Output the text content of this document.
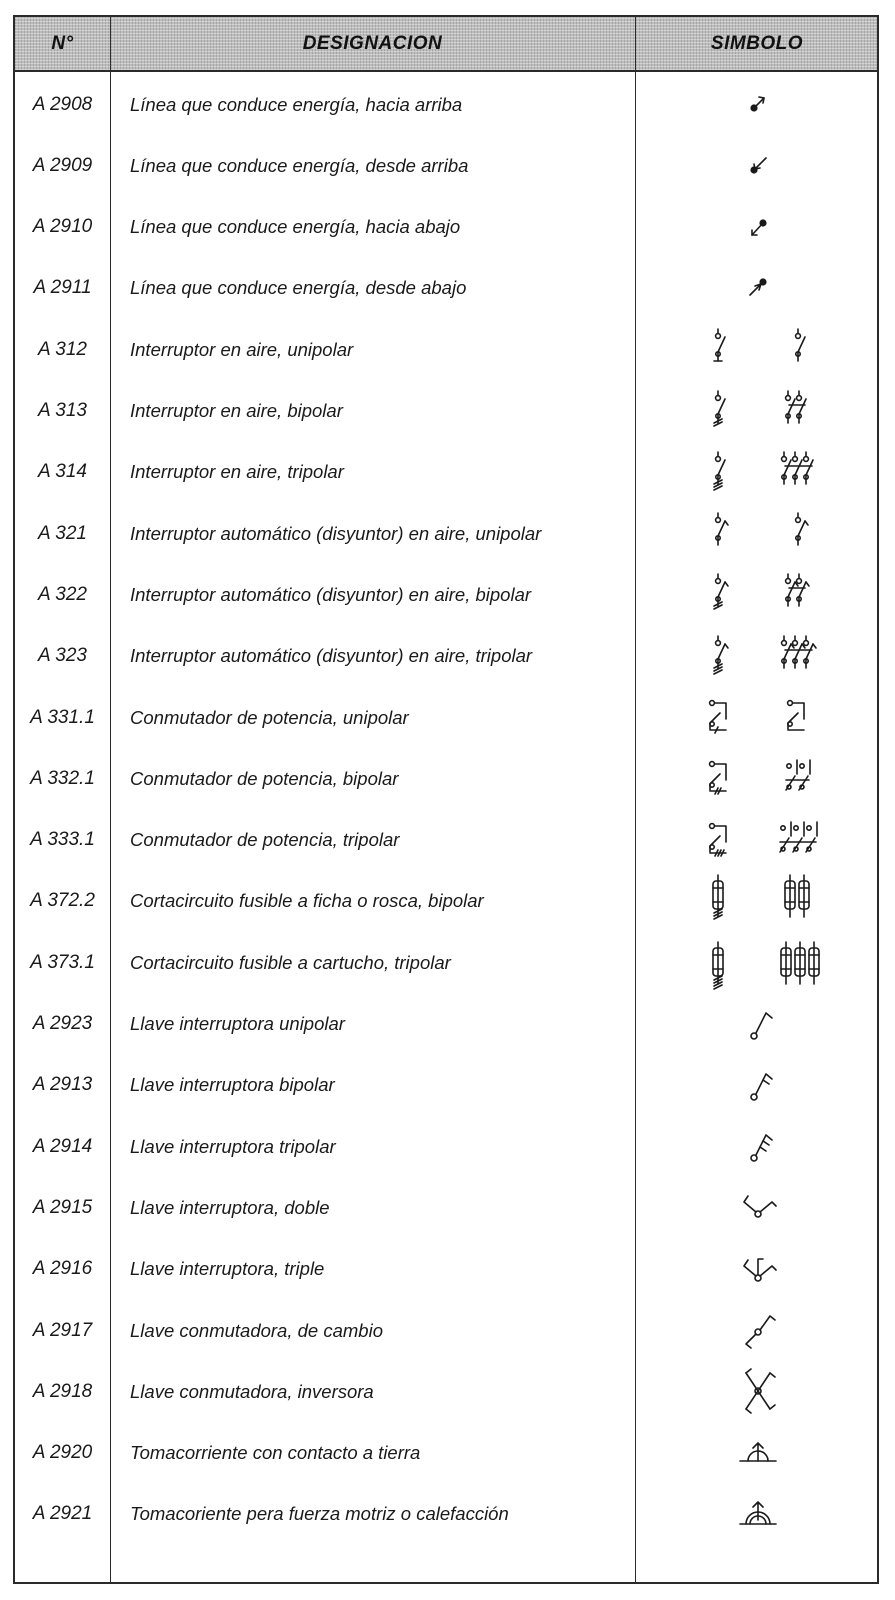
N°	DESIGNACION	SIMBOLO
A 2908	Línea que conduce energía, hacia arriba
A 2909	Línea que conduce energía, desde arriba
A 2910	Línea que conduce energía, hacia abajo
A 2911	Línea que conduce energía, desde abajo
A 312	Interruptor en aire, unipolar
A 313	Interruptor en aire, bipolar
A 314	Interruptor en aire, tripolar
A 321	Interruptor automático (disyuntor) en aire, unipolar
A 322	Interruptor automático (disyuntor) en aire, bipolar
A 323	Interruptor automático (disyuntor) en aire, tripolar
A 331.1	Conmutador de potencia, unipolar
A 332.1	Conmutador de potencia, bipolar
A 333.1	Conmutador de potencia, tripolar
A 372.2	Cortacircuito fusible a ficha o rosca, bipolar
A 373.1	Cortacircuito fusible a cartucho, tripolar
A 2923	Llave interruptora unipolar
A 2913	Llave interruptora bipolar
A 2914	Llave interruptora tripolar
A 2915	Llave interruptora, doble
A 2916	Llave interruptora, triple
A 2917	Llave conmutadora, de cambio
A 2918	Llave conmutadora, inversora
A 2920	Tomacorriente con contacto a tierra
A 2921	Tomacoriente pera fuerza motriz o calefacción
